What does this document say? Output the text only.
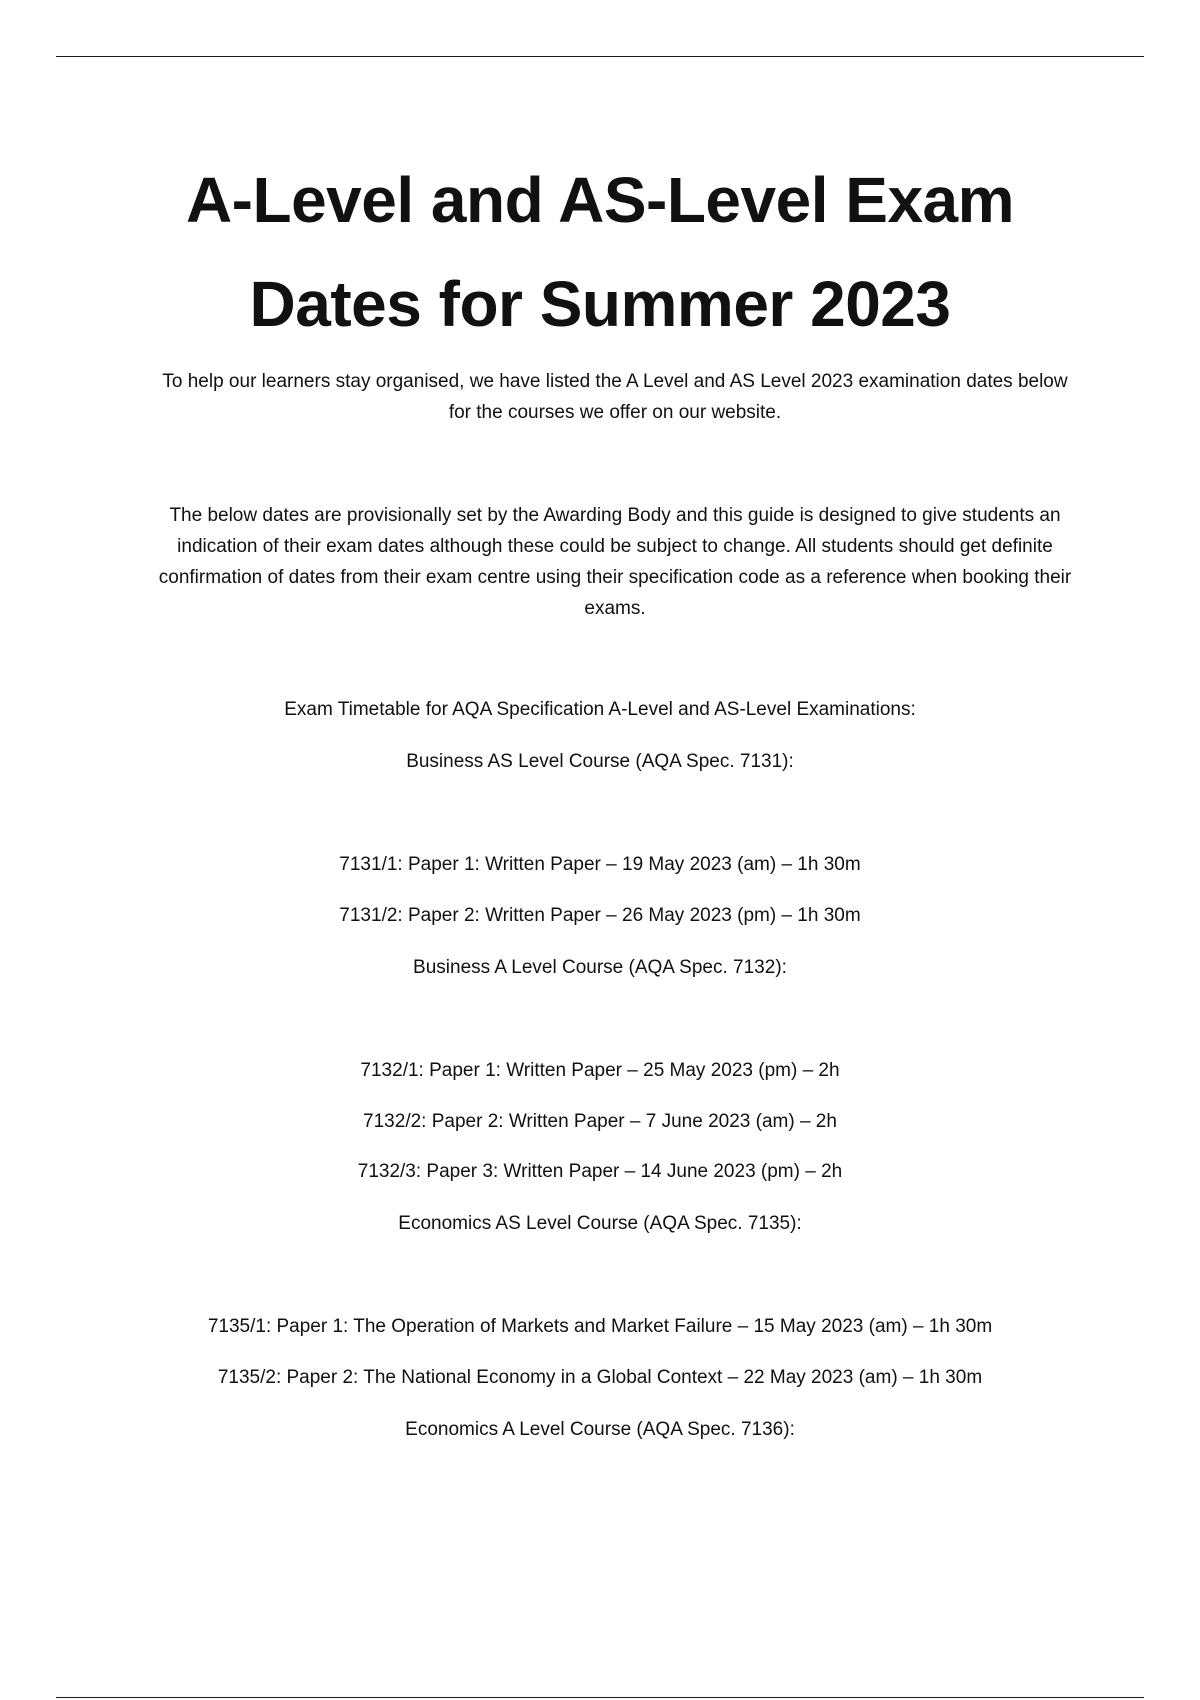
A-Level and AS-Level Exam
Dates for Summer 2023

To help our learners stay organised, we have listed the A Level and AS Level 2023 examination dates below for the courses we offer on our website.

The below dates are provisionally set by the Awarding Body and this guide is designed to give students an indication of their exam dates although these could be subject to change. All students should get definite confirmation of dates from their exam centre using their specification code as a reference when booking their exams.

Exam Timetable for AQA Specification A-Level and AS-Level Examinations:

Business AS Level Course (AQA Spec. 7131):

7131/1: Paper 1: Written Paper – 19 May 2023 (am) – 1h 30m

7131/2: Paper 2: Written Paper – 26 May 2023 (pm) – 1h 30m

Business A Level Course (AQA Spec. 7132):

7132/1: Paper 1: Written Paper – 25 May 2023 (pm) – 2h

7132/2: Paper 2: Written Paper – 7 June 2023 (am) – 2h

7132/3: Paper 3: Written Paper – 14 June 2023 (pm) – 2h

Economics AS Level Course (AQA Spec. 7135):

7135/1: Paper 1: The Operation of Markets and Market Failure – 15 May 2023 (am) – 1h 30m

7135/2: Paper 2: The National Economy in a Global Context – 22 May 2023 (am) – 1h 30m

Economics A Level Course (AQA Spec. 7136):
